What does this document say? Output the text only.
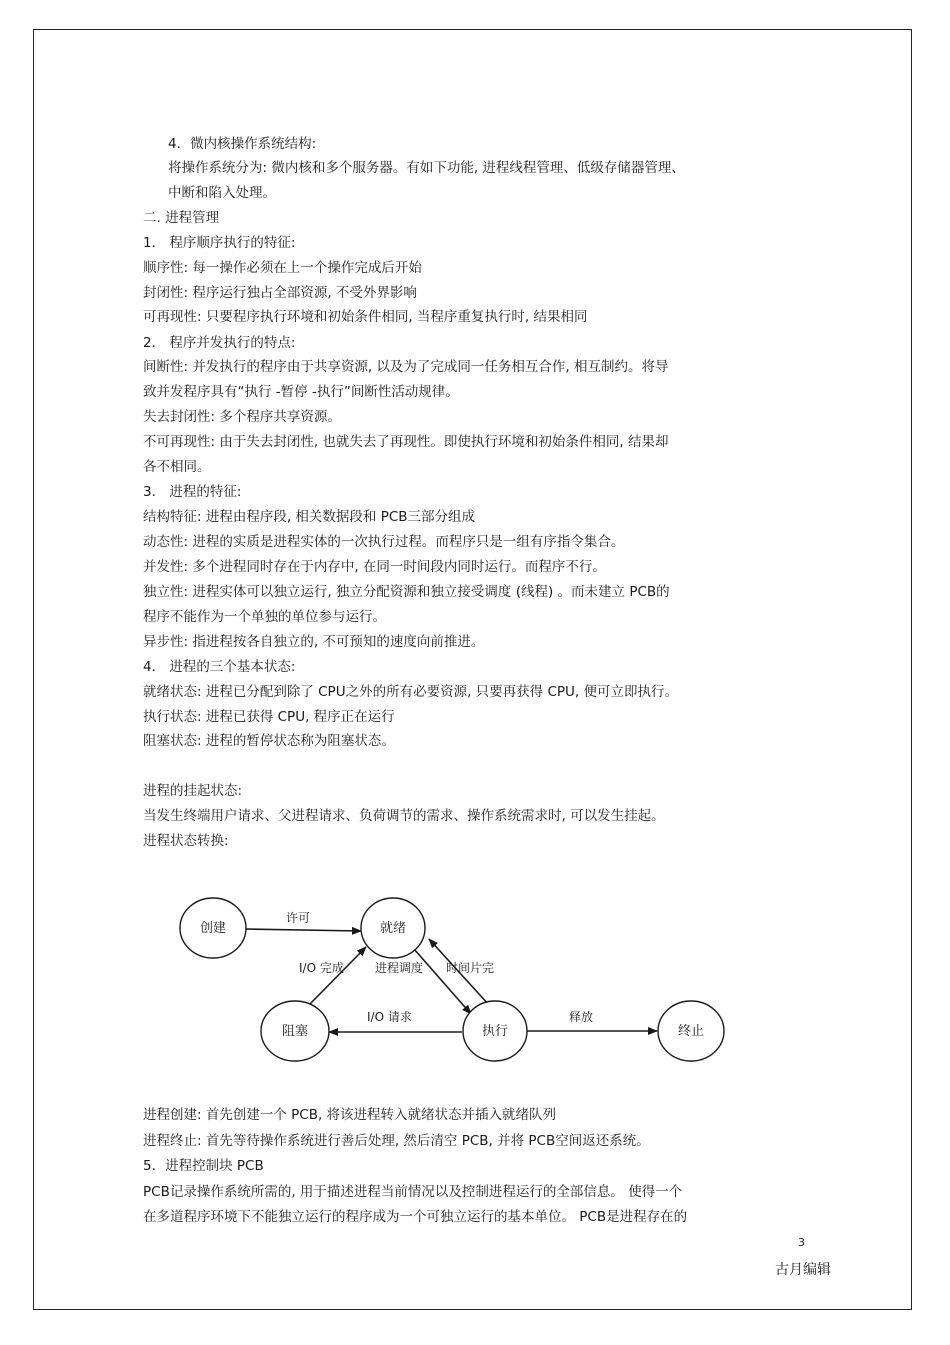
4．微内核操作系统结构:
将操作系统分为: 微内核和多个服务器。有如下功能, 进程线程管理、低级存储器管理、
中断和陷入处理。
二. 进程管理
1． 程序顺序执行的特征:
顺序性: 每一操作必须在上一个操作完成后开始
封闭性: 程序运行独占全部资源, 不受外界影响
可再现性: 只要程序执行环境和初始条件相同, 当程序重复执行时, 结果相同
2． 程序并发执行的特点:
间断性: 并发执行的程序由于共享资源, 以及为了完成同一任务相互合作, 相互制约。将导
致并发程序具有“执行 -暂停 -执行”间断性活动规律。
失去封闭性: 多个程序共享资源。
不可再现性: 由于失去封闭性, 也就失去了再现性。即使执行环境和初始条件相同, 结果却
各不相同。
3． 进程的特征:
结构特征: 进程由程序段, 相关数据段和 PCB三部分组成
动态性: 进程的实质是进程实体的一次执行过程。而程序只是一组有序指令集合。
并发性: 多个进程同时存在于内存中, 在同一时间段内同时运行。而程序不行。
独立性: 进程实体可以独立运行, 独立分配资源和独立接受调度 (线程) 。而未建立 PCB的
程序不能作为一个单独的单位参与运行。
异步性: 指进程按各自独立的, 不可预知的速度向前推进。
4． 进程的三个基本状态:
就绪状态: 进程已分配到除了 CPU之外的所有必要资源, 只要再获得 CPU, 便可立即执行。
执行状态: 进程已获得 CPU, 程序正在运行
阻塞状态: 进程的暂停状态称为阻塞状态。
进程的挂起状态:
当发生终端用户请求、父进程请求、负荷调节的需求、操作系统需求时, 可以发生挂起。
进程状态转换:
创建	就绪
阻塞	执行	终止
许可
I/O 完成	进程调度 时间片完
I/O 请求	释放
进程创建: 首先创建一个 PCB, 将该进程转入就绪状态并插入就绪队列
进程终止: 首先等待操作系统进行善后处理, 然后清空 PCB, 并将 PCB空间返还系统。
5．进程控制块 PCB
PCB记录操作系统所需的, 用于描述进程当前情况以及控制进程运行的全部信息。 使得一个
在多道程序环境下不能独立运行的程序成为一个可独立运行的基本单位。 PCB是进程存在的
3
古月编辑
